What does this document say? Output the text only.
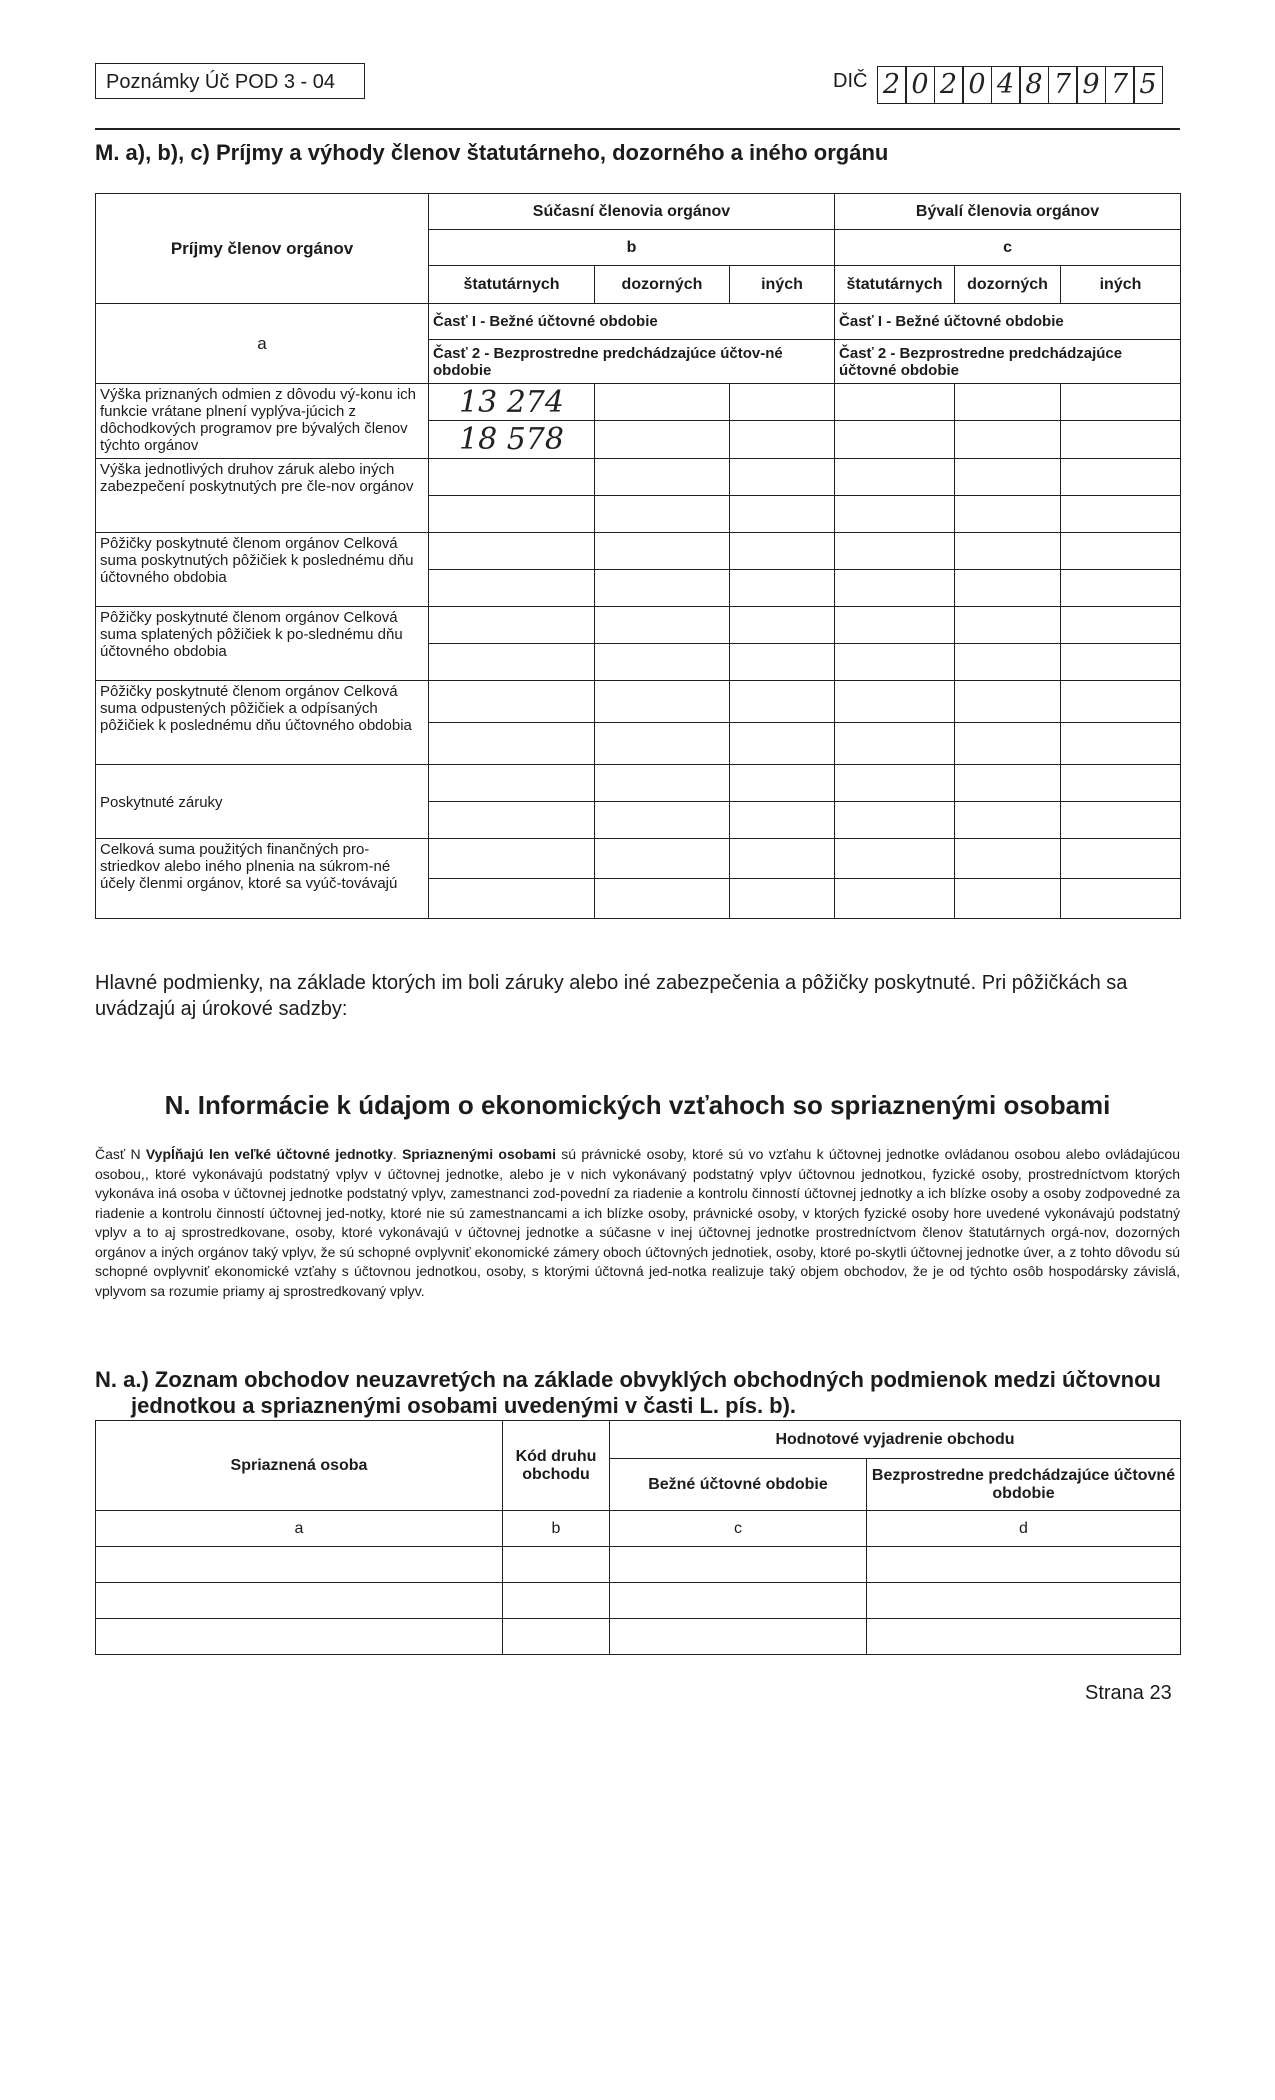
Poznámky Úč POD 3 - 04	DIČ 2 0 2 0 4 8 7 9 7 5
M. a), b), c) Príjmy a výhody členov štatutárneho, dozorného a iného orgánu
Príjmy členov orgánov	Súčasní členovia orgánov			Bývalí členovia orgánov		
	b			c		
	štatutárnych	dozorných	iných	štatutárnych	dozorných	iných
a	Časť I - Bežné účtovné obdobie			Časť I - Bežné účtovné obdobie		
	Časť 2 - Bezprostredne predchádzajúce účtov-né obdobie			Časť 2 - Bezprostredne predchádzajúce účtovné obdobie		
Výška priznaných odmien z dôvodu vý-konu ich funkcie vrátane plnení vyplýva-júcich z dôchodkových programov pre bývalých členov týchto orgánov	13 274					
	18 578					
Výška jednotlivých druhov záruk alebo iných zabezpečení poskytnutých pre čle-nov orgánov						

Pôžičky poskytnuté členom orgánov Celková suma poskytnutých pôžičiek k poslednému dňu účtovného obdobia						

Pôžičky poskytnuté členom orgánov Celková suma splatených pôžičiek k po-slednému dňu účtovného obdobia						

Pôžičky poskytnuté členom orgánov Celková suma odpustených pôžičiek a odpísaných pôžičiek k poslednému dňu účtovného obdobia						

Poskytnuté záruky						

Celková suma použitých finančných pro-striedkov alebo iného plnenia na súkrom-né účely členmi orgánov, ktoré sa vyúč-továvajú						

Hlavné podmienky, na základe ktorých im boli záruky alebo iné zabezpečenia a pôžičky poskytnuté. Pri pôžičkách sa uvádzajú aj úrokové sadzby:
N. Informácie k údajom o ekonomických vzťahoch so spriaznenými osobami
Časť N Vypĺňajú len veľké účtovné jednotky. Spriaznenými osobami sú právnické osoby, ktoré sú vo vzťahu k účtovnej jednotke ovládanou osobou alebo ovládajúcou osobou,, ktoré vykonávajú podstatný vplyv v účtovnej jednotke, alebo je v nich vykonávaný podstatný vplyv účtovnou jednotkou, fyzické osoby, prostredníctvom ktorých vykonáva iná osoba v účtovnej jednotke podstatný vplyv, zamestnanci zod-povední za riadenie a kontrolu činností účtovnej jednotky a ich blízke osoby a osoby zodpovedné za riadenie a kontrolu činností účtovnej jed-notky, ktoré nie sú zamestnancami a ich blízke osoby, právnické osoby, v ktorých fyzické osoby hore uvedené vykonávajú podstatný vplyv a to aj sprostredkovane, osoby, ktoré vykonávajú v účtovnej jednotke a súčasne v inej účtovnej jednotke prostredníctvom členov štatutárnych orgá-nov, dozorných orgánov a iných orgánov taký vplyv, že sú schopné ovplyvniť ekonomické zámery oboch účtovných jednotiek, osoby, ktoré po-skytli účtovnej jednotke úver, a z tohto dôvodu sú schopné ovplyvniť ekonomické vzťahy s účtovnou jednotkou, osoby, s ktorými účtovná jed-notka realizuje taký objem obchodov, že je od týchto osôb hospodársky závislá, vplyvom sa rozumie priamy aj sprostredkovaný vplyv.
N. a.) Zoznam obchodov neuzavretých na základe obvyklých obchodných podmienok medzi účtovnou
jednotkou a spriaznenými osobami uvedenými v časti L. pís. b).
Spriaznená osoba	Kód druhu obchodu	Hodnotové vyjadrenie obchodu	
		Bežné účtovné obdobie	Bezprostredne predchádzajúce účtovné obdobie
a	b	c	d

Strana 23
